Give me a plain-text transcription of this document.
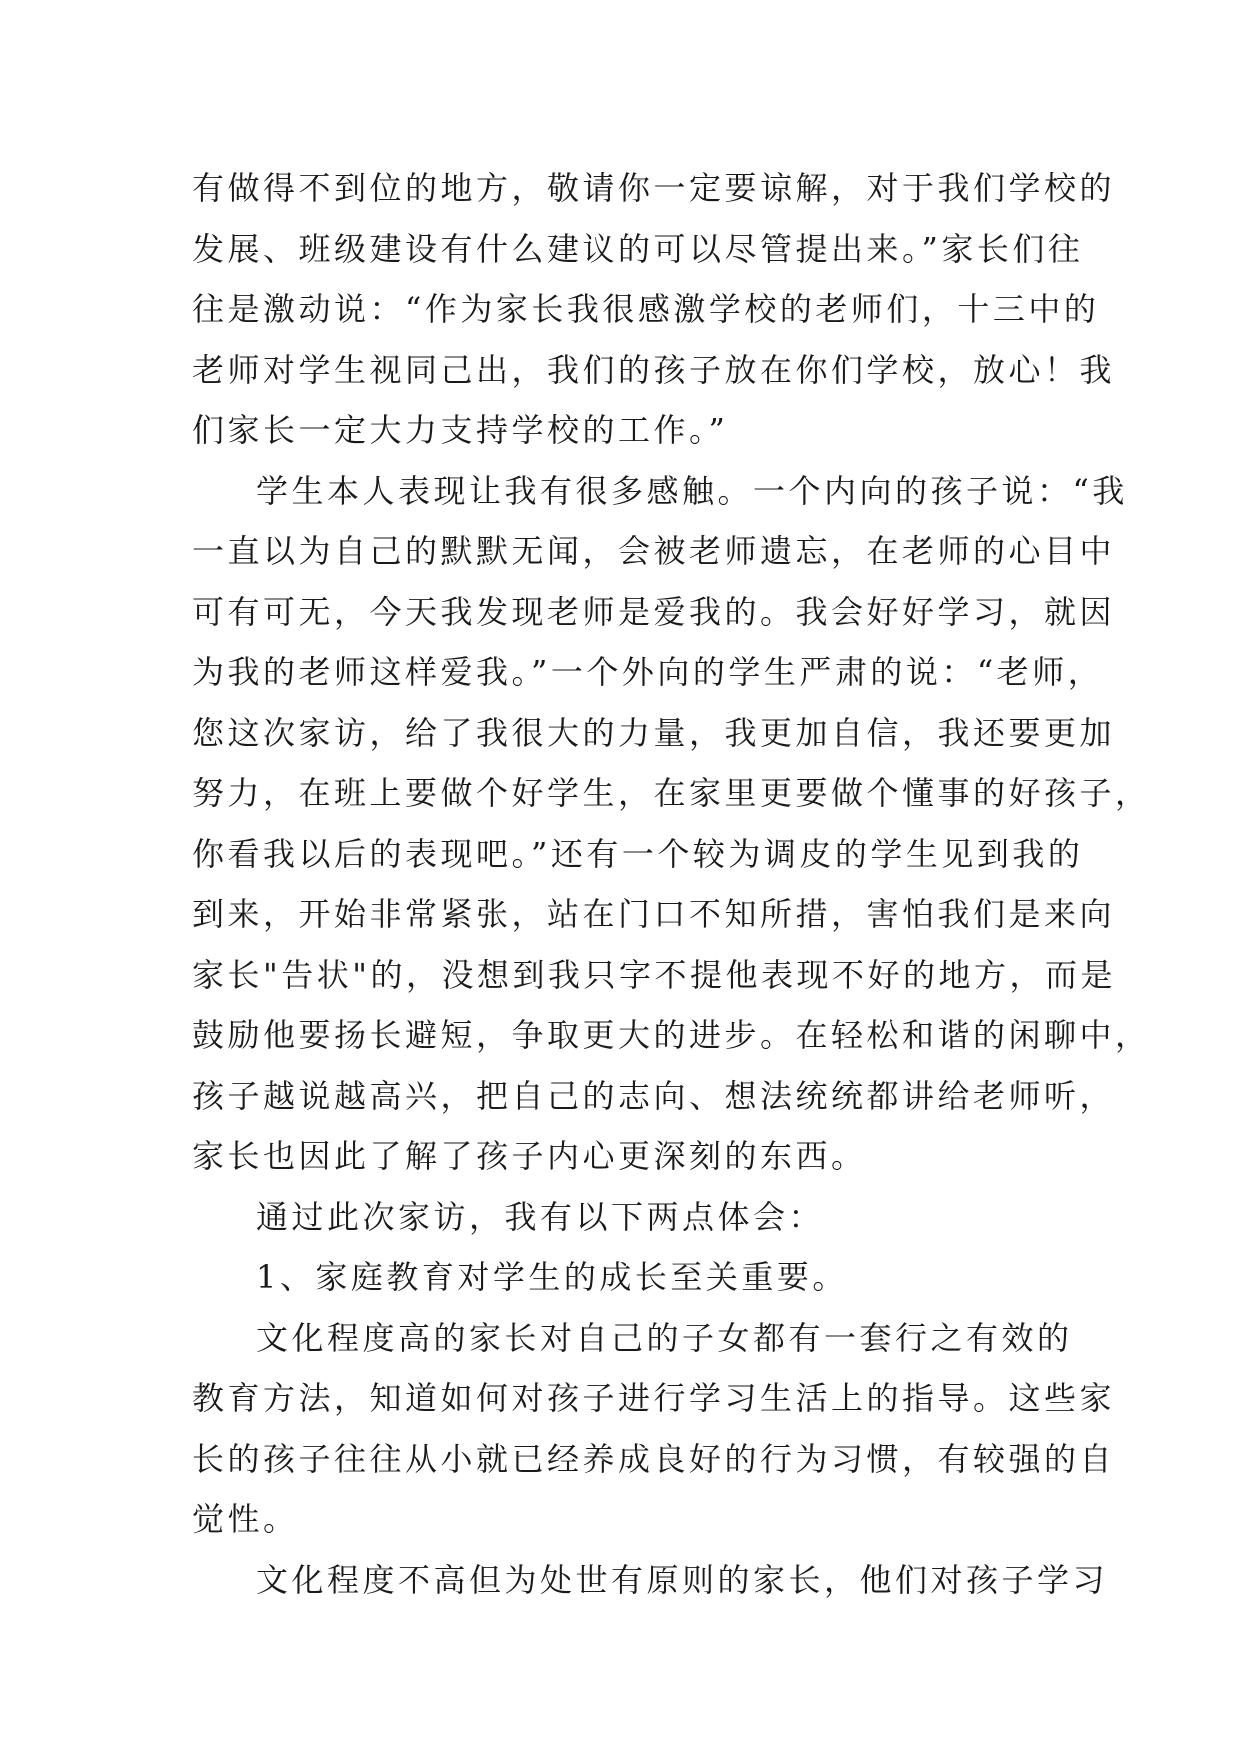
有做得不到位的地方，敬请你一定要谅解，对于我们学校的
发展、班级建设有什么建议的可以尽管提出来。”家长们往
往是激动说：“作为家长我很感激学校的老师们，十三中的
老师对学生视同己出，我们的孩子放在你们学校，放心！我
们家长一定大力支持学校的工作。”
学生本人表现让我有很多感触。一个内向的孩子说：“我
一直以为自己的默默无闻，会被老师遗忘，在老师的心目中
可有可无，今天我发现老师是爱我的。我会好好学习，就因
为我的老师这样爱我。”一个外向的学生严肃的说：“老师，
您这次家访，给了我很大的力量，我更加自信，我还要更加
努力，在班上要做个好学生，在家里更要做个懂事的好孩子，
你看我以后的表现吧。”还有一个较为调皮的学生见到我的
到来，开始非常紧张，站在门口不知所措，害怕我们是来向
家长"告状"的，没想到我只字不提他表现不好的地方，而是
鼓励他要扬长避短，争取更大的进步。在轻松和谐的闲聊中，
孩子越说越高兴，把自己的志向、想法统统都讲给老师听，
家长也因此了解了孩子内心更深刻的东西。
通过此次家访，我有以下两点体会：
1、家庭教育对学生的成长至关重要。
文化程度高的家长对自己的子女都有一套行之有效的
教育方法，知道如何对孩子进行学习生活上的指导。这些家
长的孩子往往从小就已经养成良好的行为习惯，有较强的自
觉性。
文化程度不高但为处世有原则的家长，他们对孩子学习
